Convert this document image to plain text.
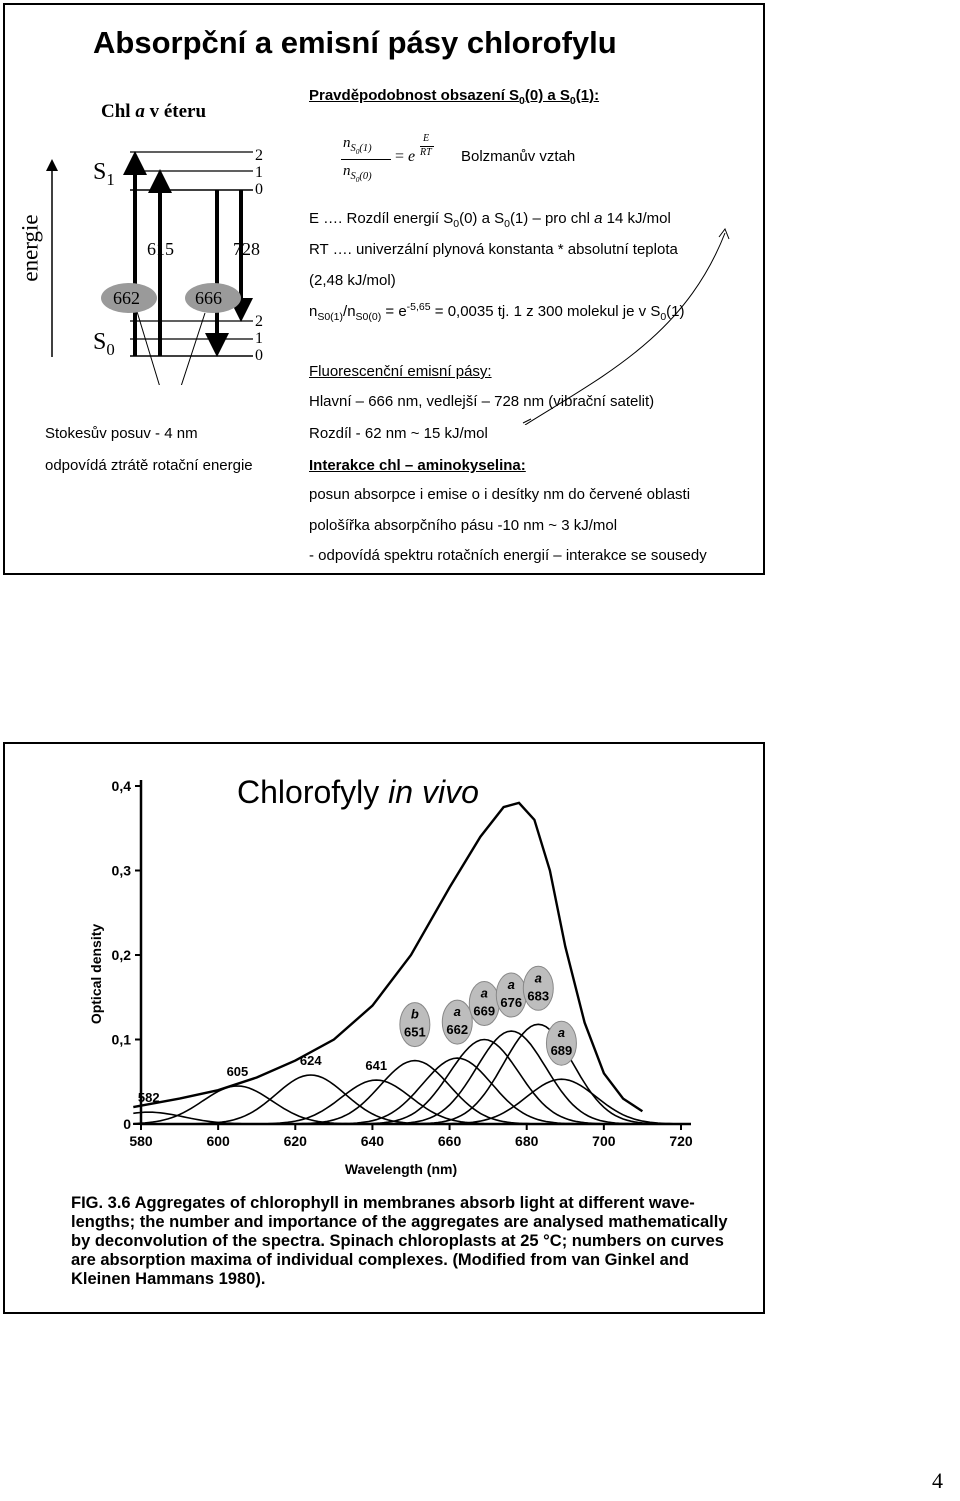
Absorpční a emisní pásy chlorofylu
Chl a v éteru
energie
$S_1$
$S_0$
2
1
0
2
1
0
615	728
662	666
Stokesův posuv - 4 nm
odpovídá ztrátě rotační energie
Pravděpodobnost obsazení $S_0(0)$ a $S_0(1)$:
$n_{S_0(1)}$
$n_{S_0(0)}$
= e
E
RT Bolzmanův vztah
E …. Rozdíl energií $S_0(0)$ a $S_0(1)$ – pro chl a 14 kJ/mol
RT …. univerzální plynová konstanta * absolutní teplota
(2,48 kJ/mol)
$n_{S0(1)}/n_{S0(0)} = e^{-5,65} = 0,0035$ tj. 1 z 300 molekul je v $S_0(1)$
Fluorescenční emisní pásy:
Hlavní – 666 nm, vedlejší – 728 nm (vibrační satelit)
Rozdíl - 62 nm ~ 15 kJ/mol
Interakce chl – aminokyselina:
posun absorpce i emise o i desítky nm do červené oblasti
pološířka absorpčního pásu -10 nm ~ 3 kJ/mol
- odpovídá spektru rotačních energií – interakce se sousedy
Chlorofyly in vivo
580	600	620	640	660	680	700	720
0
0,1
0,2
0,3
0,4
Wavelength (nm)
Optical density
582
605
624	641
b
651
a
662
a
669
a
676
a
683
a
689
FIG. 3.6 Aggregates of chlorophyll in membranes absorb light at different wave-
lengths; the number and importance of the aggregates are analysed mathematically
by deconvolution of the spectra. Spinach chloroplasts at 25 °C; numbers on curves
are absorption maxima of individual complexes. (Modified from van Ginkel and
Kleinen Hammans 1980).
4
